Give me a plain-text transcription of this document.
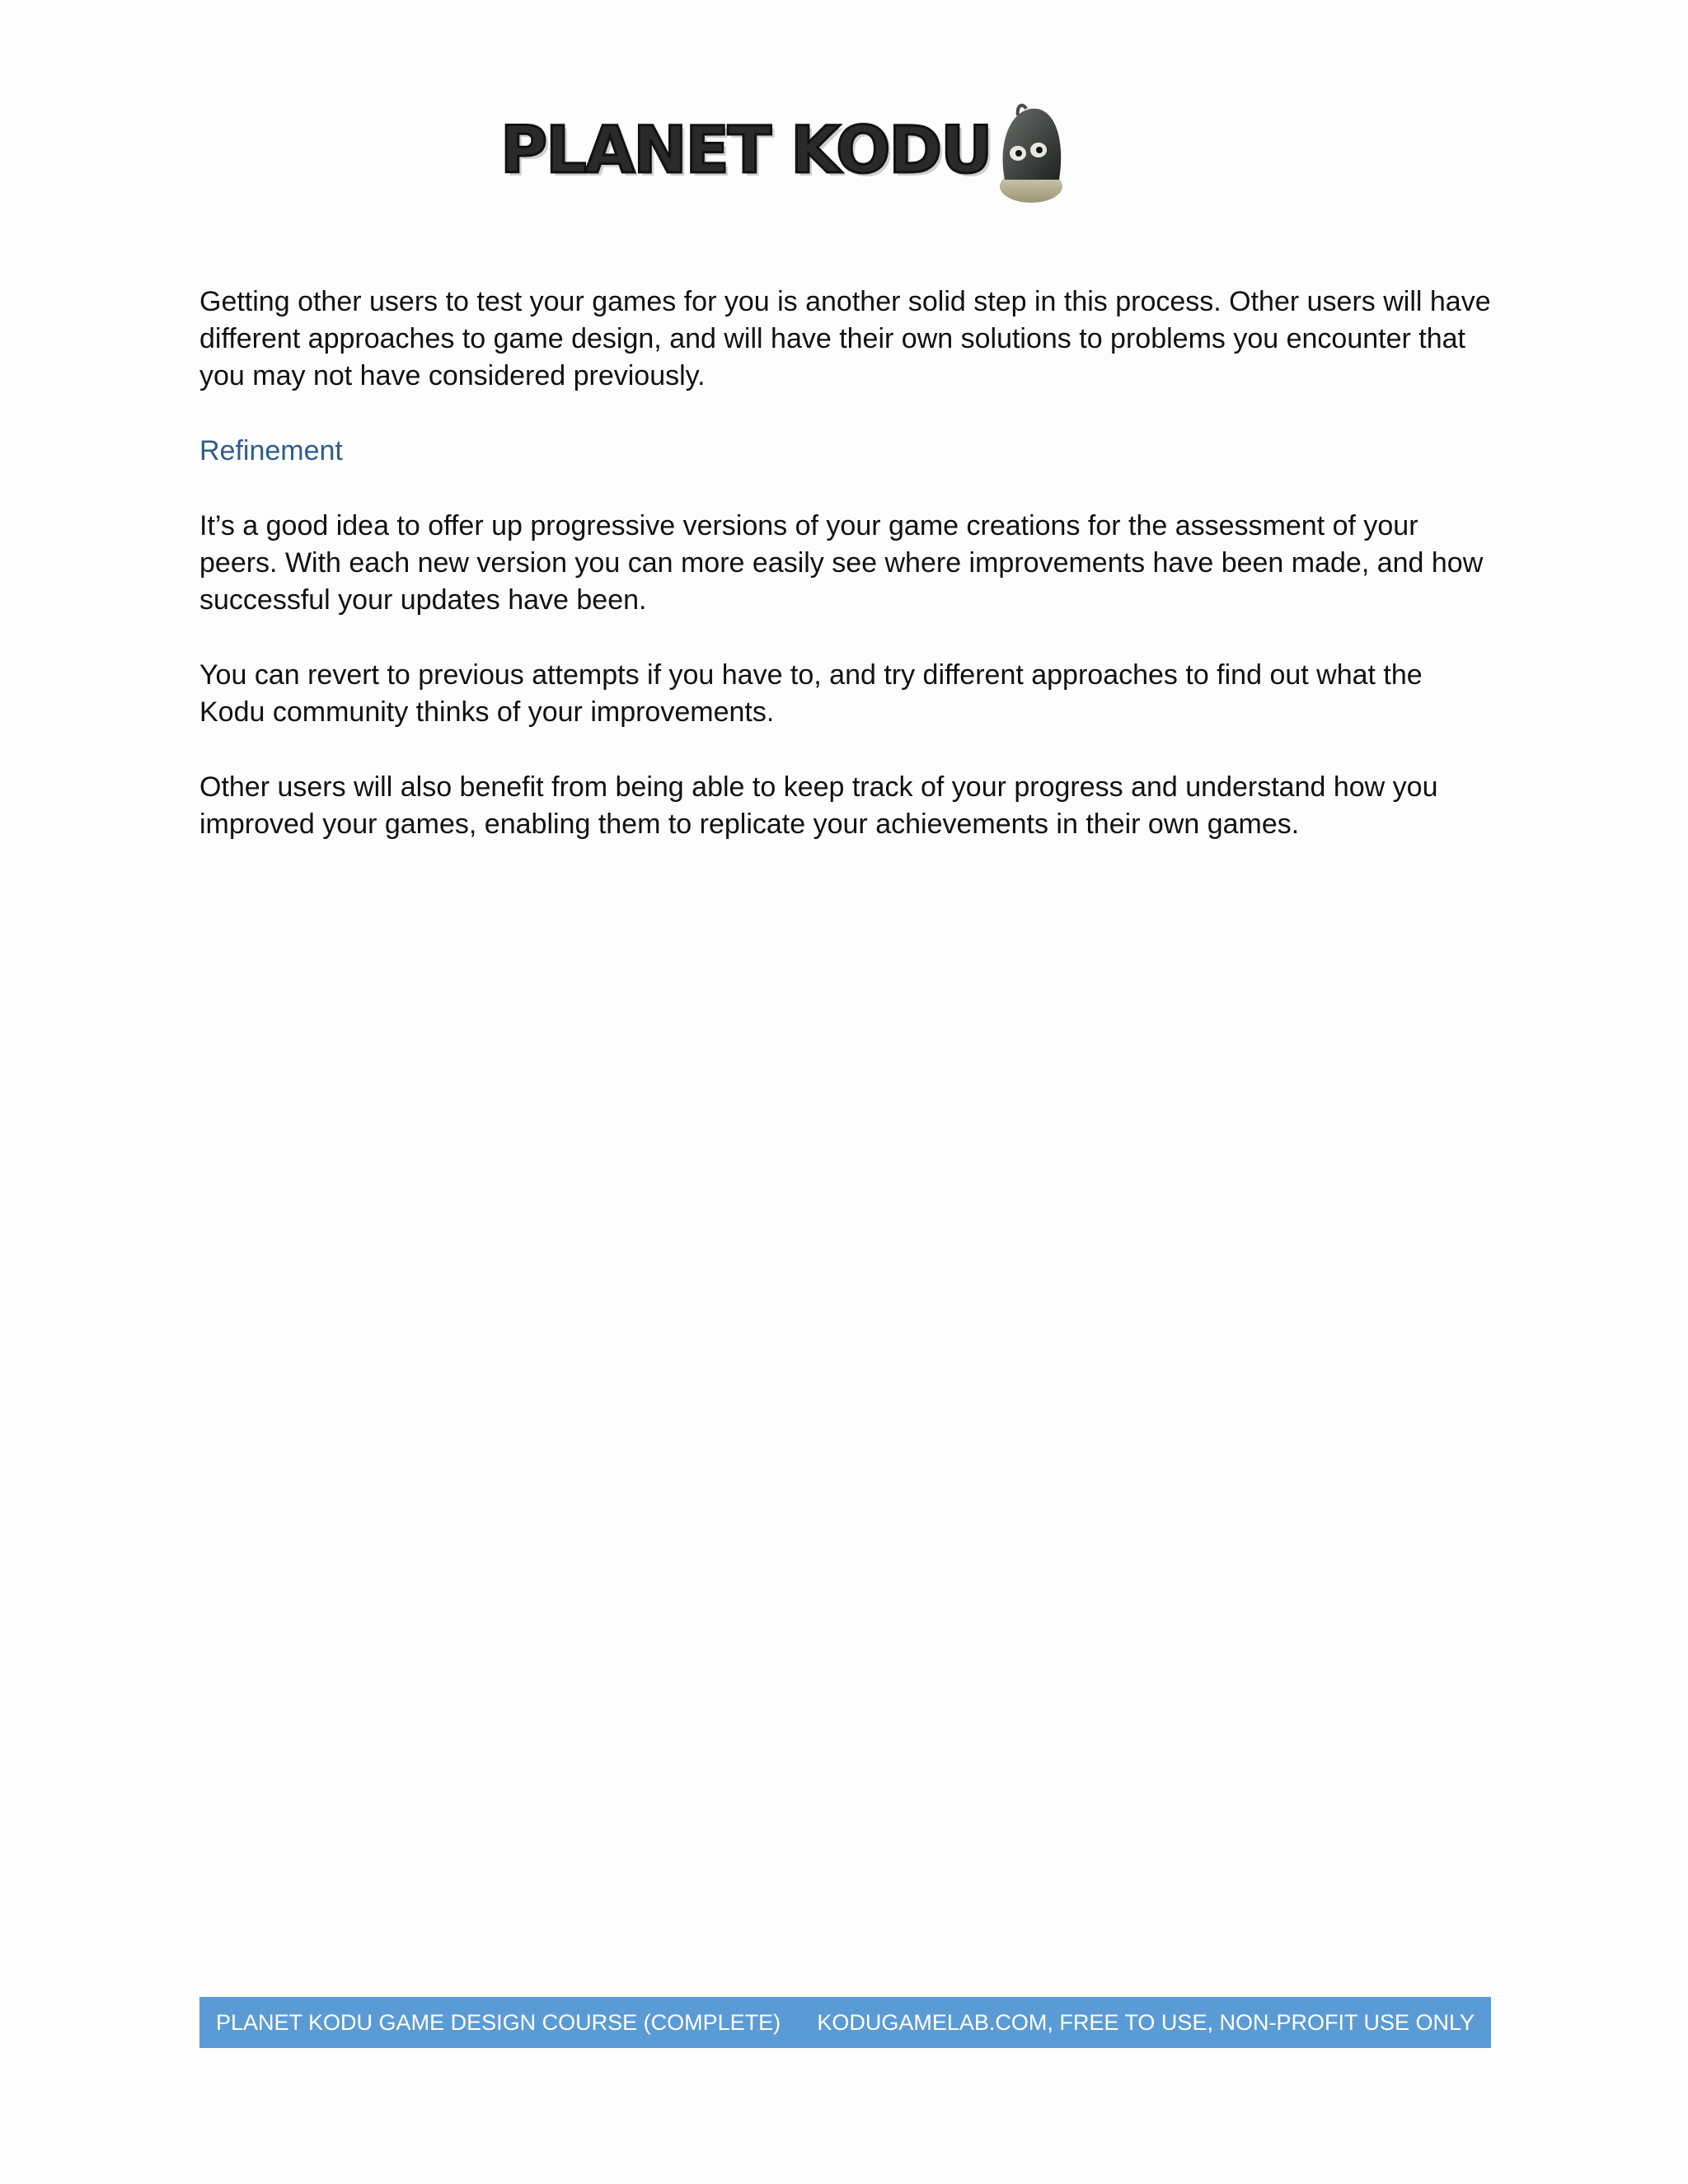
PLANET KODU

Getting other users to test your games for you is another solid step in this process. Other users will have different approaches to game design, and will have their own solutions to problems you encounter that you may not have considered previously.

Refinement

It’s a good idea to offer up progressive versions of your game creations for the assessment of your peers. With each new version you can more easily see where improvements have been made, and how successful your updates have been.

You can revert to previous attempts if you have to, and try different approaches to find out what the Kodu community thinks of your improvements.

Other users will also benefit from being able to keep track of your progress and understand how you improved your games, enabling them to replicate your achievements in their own games.

PLANET KODU GAME DESIGN COURSE (COMPLETE) KODUGAMELAB.COM, FREE TO USE, NON-PROFIT USE ONLY
